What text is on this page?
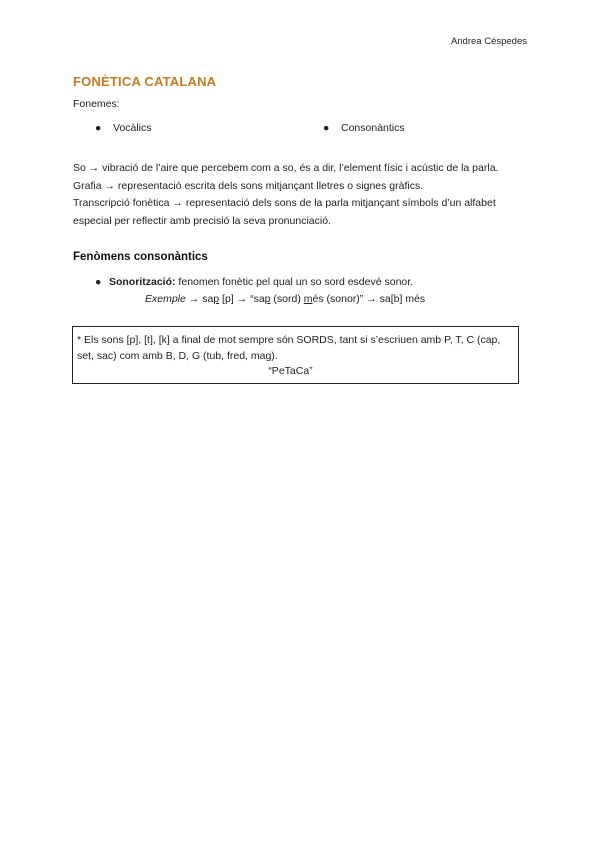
Andrea Céspedes
FONÈTICA CATALANA
Fonemes:
● Vocàlics	● Consonàntics

So → vibració de l’aire que percebem com a so, és a dir, l’element físic i acústic de la parla.

Grafia → representació escrita dels sons mitjançant lletres o signes gràfics.

Transcripció fonètica → representació dels sons de la parla mitjançant símbols d’un alfabet especial per reflectir amb precisió la seva pronunciació.

Fenòmens consonàntics
● Sonorització: fenomen fonètic pel qual un so sord esdevé sonor.
Exemple → sap [p] → “sap (sord) més (sonor)” → sa[b] més
* Els sons [p], [t], [k] a final de mot sempre són SORDS, tant si s’escriuen amb P, T, C (cap, set, sac) com amb B, D, G (tub, fred, mag).
“PeTaCa”
